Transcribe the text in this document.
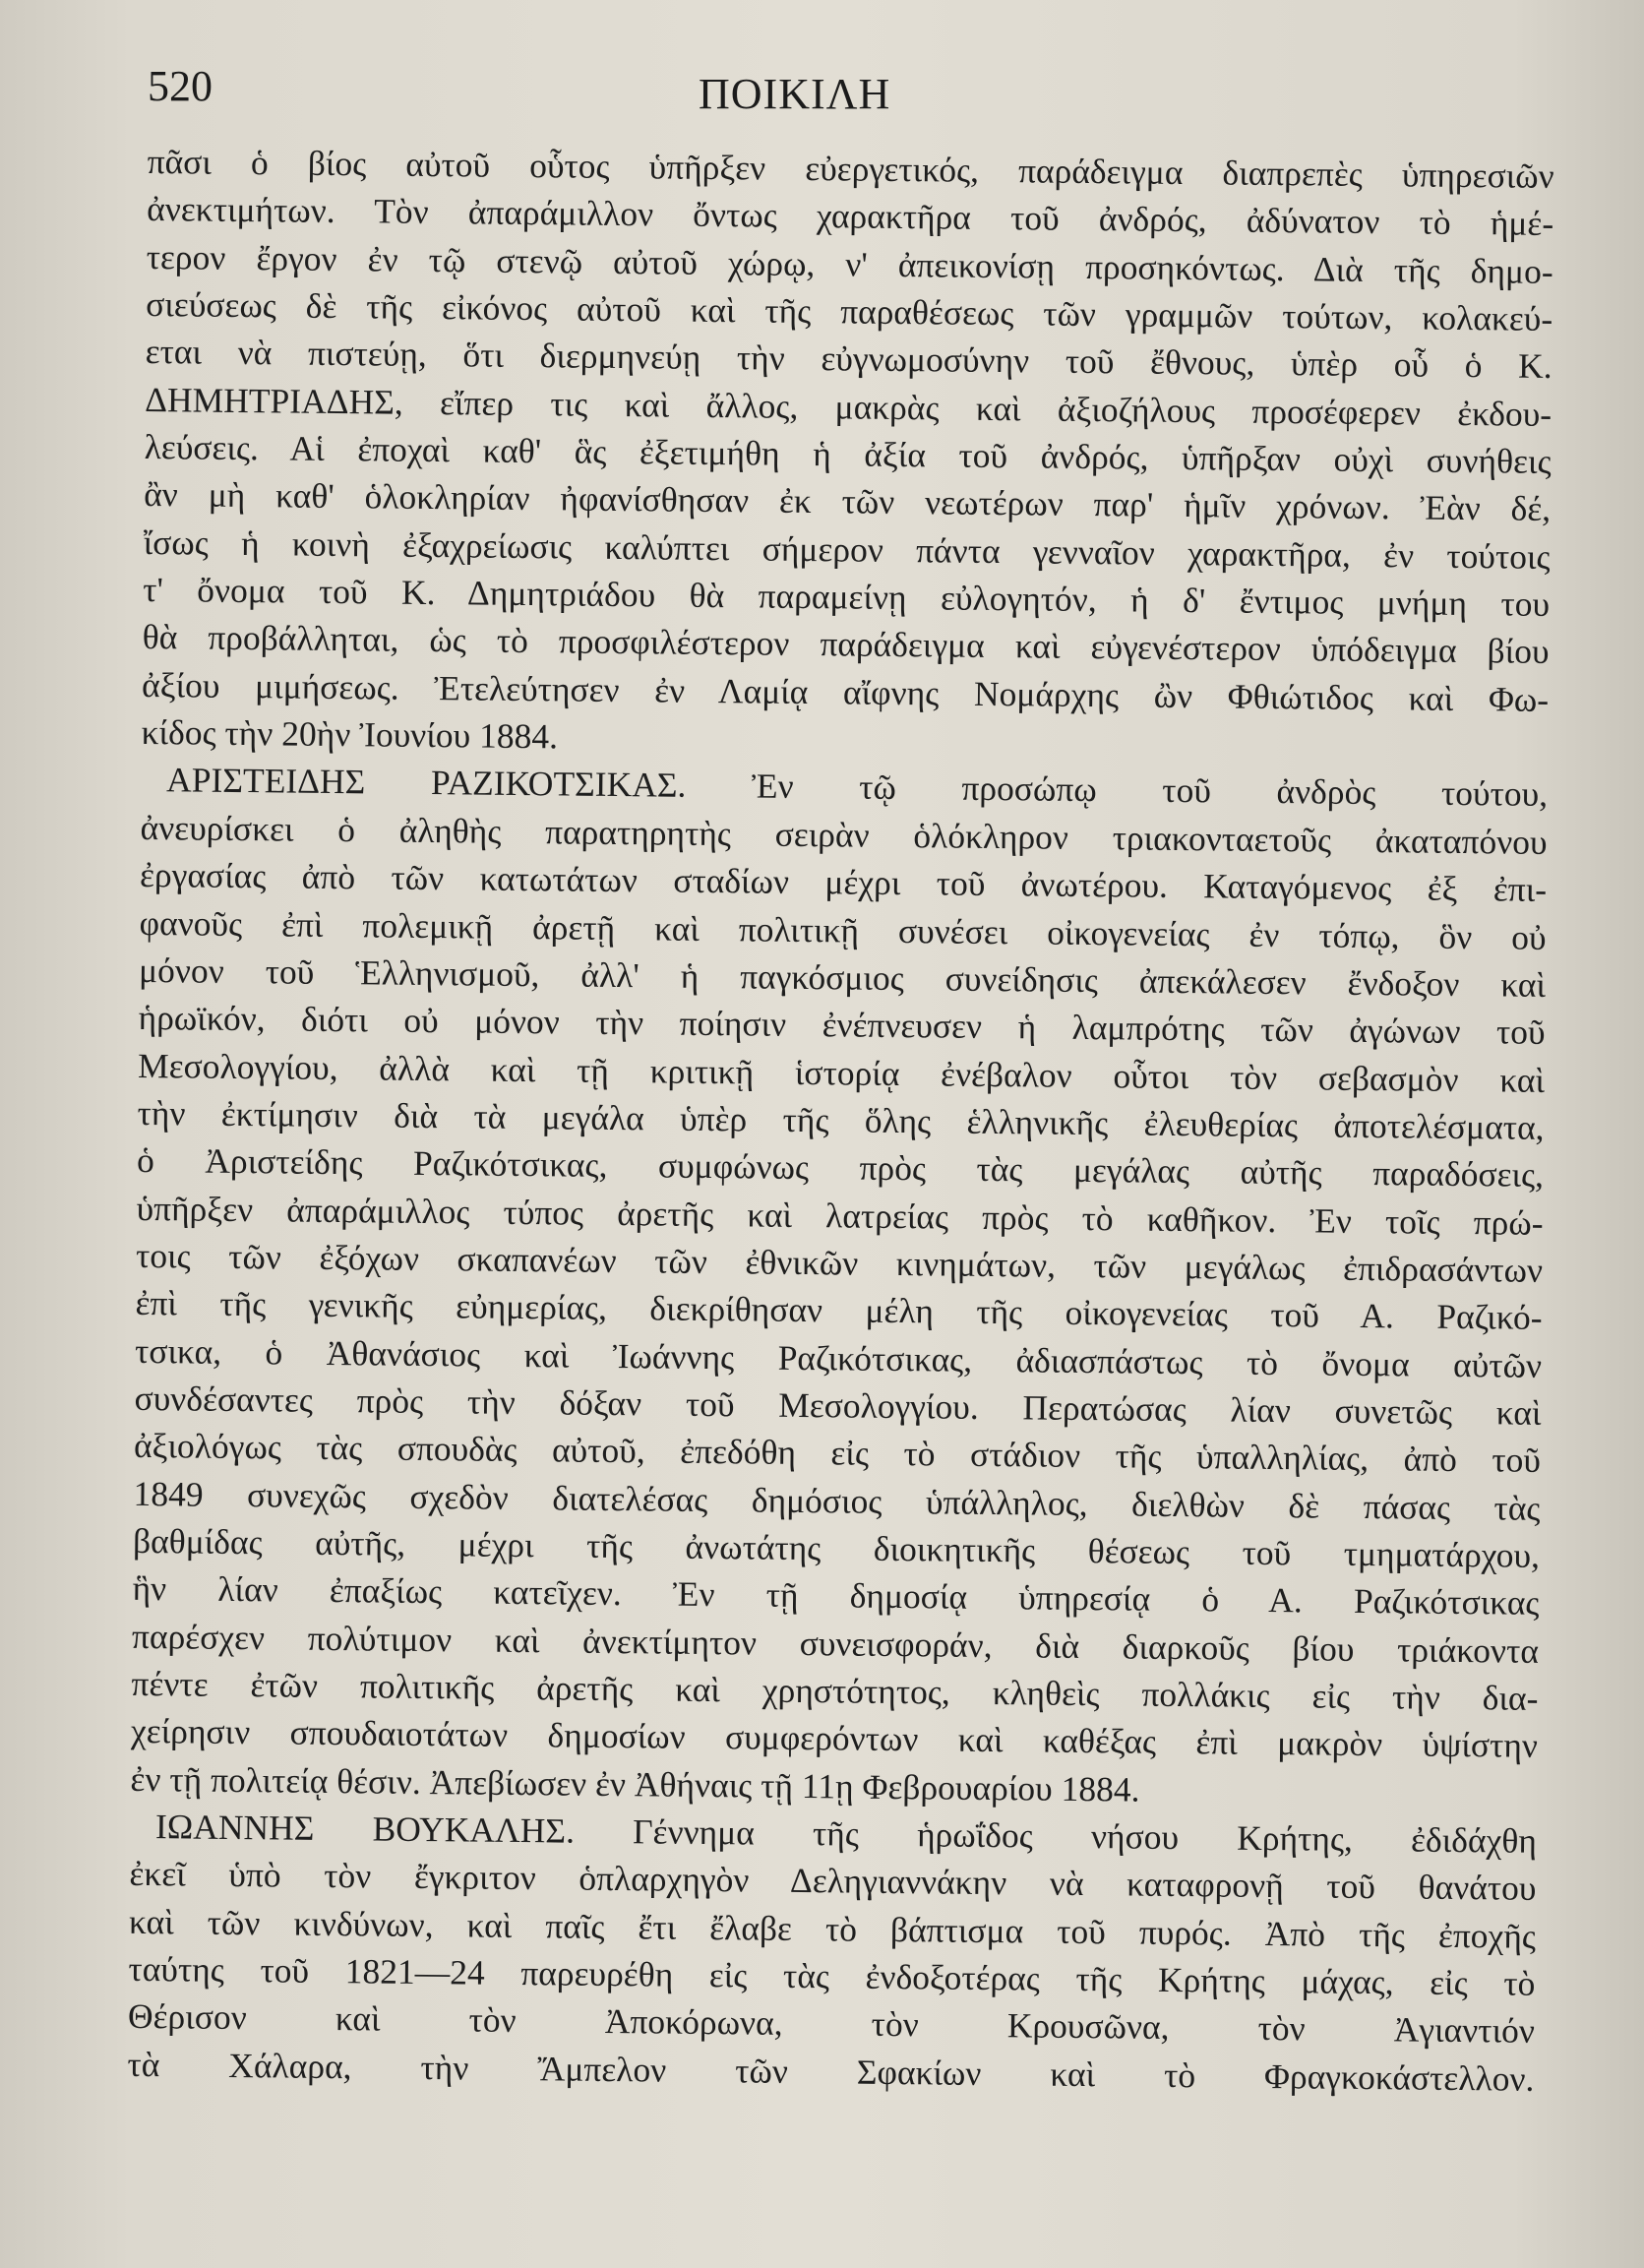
520	ΠΟΙΚΙΛΗ
πᾶσι ὁ βίος αὐτοῦ οὗτος ὑπῆρξεν εὐεργετικός, παράδειγμα διαπρεπὲς ὑπηρεσιῶν
ἀνεκτιμήτων. Τὸν ἀπαράμιλλον ὄντως χαρακτῆρα τοῦ ἀνδρός, ἀδύνατον τὸ ἡμέ-
τερον ἔργον ἐν τῷ στενῷ αὐτοῦ χώρῳ, ν' ἀπεικονίσῃ προσηκόντως. Διὰ τῆς δημο-
σιεύσεως δὲ τῆς εἰκόνος αὐτοῦ καὶ τῆς παραθέσεως τῶν γραμμῶν τούτων, κολακεύ-
εται νὰ πιστεύῃ, ὅτι διερμηνεύῃ τὴν εὐγνωμοσύνην τοῦ ἔθνους, ὑπὲρ οὗ ὁ Κ.
ΔΗΜΗΤΡΙΑΔΗΣ, εἴπερ τις καὶ ἄλλος, μακρὰς καὶ ἀξιοζήλους προσέφερεν ἐκδου-
λεύσεις. Αἱ ἐποχαὶ καθ' ἃς ἐξετιμήθη ἡ ἀξία τοῦ ἀνδρός, ὑπῆρξαν οὐχὶ συνήθεις
ἂν μὴ καθ' ὁλοκληρίαν ἠφανίσθησαν ἐκ τῶν νεωτέρων παρ' ἡμῖν χρόνων. Ἐὰν δέ,
ἴσως ἡ κοινὴ ἐξαχρείωσις καλύπτει σήμερον πάντα γενναῖον χαρακτῆρα, ἐν τούτοις
τ' ὄνομα τοῦ Κ. Δημητριάδου θὰ παραμείνῃ εὐλογητόν, ἡ δ' ἔντιμος μνήμη του
θὰ προβάλληται, ὡς τὸ προσφιλέστερον παράδειγμα καὶ εὐγενέστερον ὑπόδειγμα βίου
ἀξίου μιμήσεως. Ἐτελεύτησεν ἐν Λαμίᾳ αἴφνης Νομάρχης ὢν Φθιώτιδος καὶ Φω-
κίδος τὴν 20ὴν Ἰουνίου 1884.
ΑΡΙΣΤΕΙΔΗΣ ΡΑΖΙΚΟΤΣΙΚΑΣ. Ἐν τῷ προσώπῳ τοῦ ἀνδρὸς τούτου,
ἀνευρίσκει ὁ ἀληθὴς παρατηρητὴς σειρὰν ὁλόκληρον τριακονταετοῦς ἀκαταπόνου
ἐργασίας ἀπὸ τῶν κατωτάτων σταδίων μέχρι τοῦ ἀνωτέρου. Καταγόμενος ἐξ ἐπι-
φανοῦς ἐπὶ πολεμικῇ ἀρετῇ καὶ πολιτικῇ συνέσει οἰκογενείας ἐν τόπῳ, ὃν οὐ
μόνον τοῦ Ἑλληνισμοῦ, ἀλλ' ἡ παγκόσμιος συνείδησις ἀπεκάλεσεν ἔνδοξον καὶ
ἡρωϊκόν, διότι οὐ μόνον τὴν ποίησιν ἐνέπνευσεν ἡ λαμπρότης τῶν ἀγώνων τοῦ
Μεσολογγίου, ἀλλὰ καὶ τῇ κριτικῇ ἱστορίᾳ ἐνέβαλον οὗτοι τὸν σεβασμὸν καὶ
τὴν ἐκτίμησιν διὰ τὰ μεγάλα ὑπὲρ τῆς ὅλης ἑλληνικῆς ἐλευθερίας ἀποτελέσματα,
ὁ Ἀριστείδης Ραζικότσικας, συμφώνως πρὸς τὰς μεγάλας αὐτῆς παραδόσεις,
ὑπῆρξεν ἀπαράμιλλος τύπος ἀρετῆς καὶ λατρείας πρὸς τὸ καθῆκον. Ἐν τοῖς πρώ-
τοις τῶν ἐξόχων σκαπανέων τῶν ἐθνικῶν κινημάτων, τῶν μεγάλως ἐπιδρασάντων
ἐπὶ τῆς γενικῆς εὐημερίας, διεκρίθησαν μέλη τῆς οἰκογενείας τοῦ Α. Ραζικό-
τσικα, ὁ Ἀθανάσιος καὶ Ἰωάννης Ραζικότσικας, ἀδιασπάστως τὸ ὄνομα αὐτῶν
συνδέσαντες πρὸς τὴν δόξαν τοῦ Μεσολογγίου. Περατώσας λίαν συνετῶς καὶ
ἀξιολόγως τὰς σπουδὰς αὐτοῦ, ἐπεδόθη εἰς τὸ στάδιον τῆς ὑπαλληλίας, ἀπὸ τοῦ
1849 συνεχῶς σχεδὸν διατελέσας δημόσιος ὑπάλληλος, διελθὼν δὲ πάσας τὰς
βαθμίδας αὐτῆς, μέχρι τῆς ἀνωτάτης διοικητικῆς θέσεως τοῦ τμηματάρχου,
ἣν λίαν ἐπαξίως κατεῖχεν. Ἐν τῇ δημοσίᾳ ὑπηρεσίᾳ ὁ Α. Ραζικότσικας
παρέσχεν πολύτιμον καὶ ἀνεκτίμητον συνεισφοράν, διὰ διαρκοῦς βίου τριάκοντα
πέντε ἐτῶν πολιτικῆς ἀρετῆς καὶ χρηστότητος, κληθεὶς πολλάκις εἰς τὴν δια-
χείρησιν σπουδαιοτάτων δημοσίων συμφερόντων καὶ καθέξας ἐπὶ μακρὸν ὑψίστην
ἐν τῇ πολιτείᾳ θέσιν. Ἀπεβίωσεν ἐν Ἀθήναις τῇ 11ῃ Φεβρουαρίου 1884.
ΙΩΑΝΝΗΣ ΒΟΥΚΑΛΗΣ. Γέννημα τῆς ἡρωΐδος νήσου Κρήτης, ἐδιδάχθη
ἐκεῖ ὑπὸ τὸν ἔγκριτον ὁπλαρχηγὸν Δεληγιαννάκην νὰ καταφρονῇ τοῦ θανάτου
καὶ τῶν κινδύνων, καὶ παῖς ἔτι ἔλαβε τὸ βάπτισμα τοῦ πυρός. Ἀπὸ τῆς ἐποχῆς
ταύτης τοῦ 1821—24 παρευρέθη εἰς τὰς ἐνδοξοτέρας τῆς Κρήτης μάχας, εἰς τὸ
Θέρισον καὶ τὸν Ἀποκόρωνα, τὸν Κρουσῶνα, τὸν Ἀγιαντιόν
τὰ Χάλαρα, τὴν Ἄμπελον τῶν Σφακίων καὶ τὸ Φραγκοκάστελλον.
